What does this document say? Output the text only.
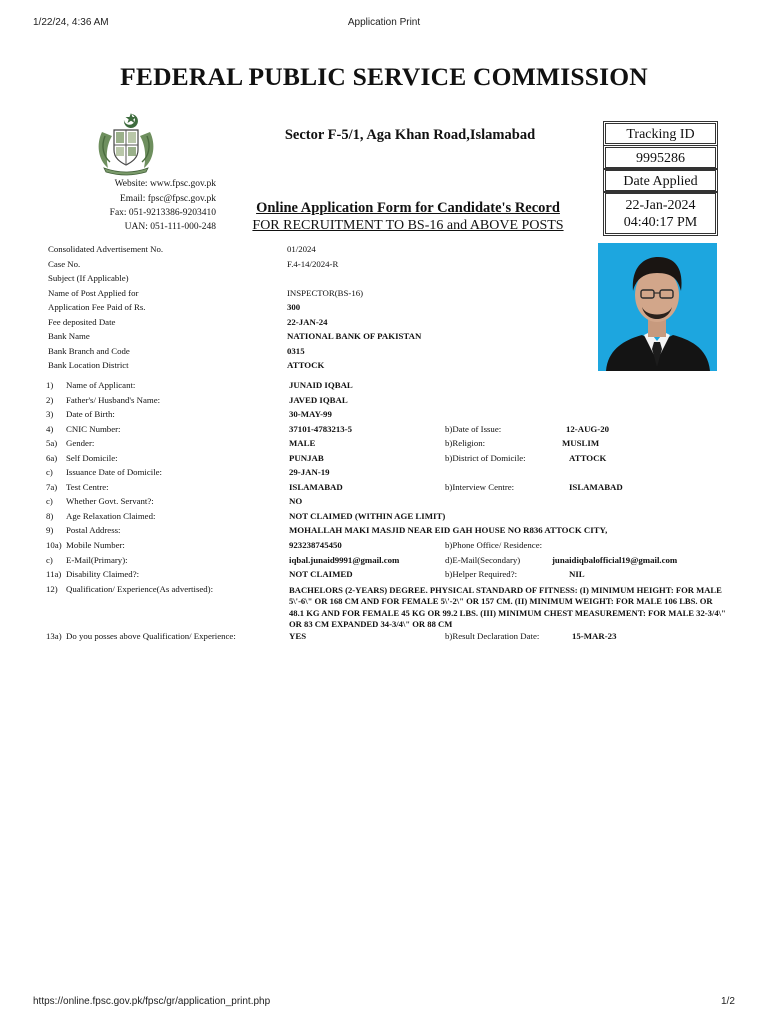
1/22/24, 4:36 AM	Application Print
FEDERAL PUBLIC SERVICE COMMISSION
Sector F-5/1, Aga Khan Road,Islamabad
Website: www.fpsc.gov.pk
Email: fpsc@fpsc.gov.pk
Fax: 051-9213386-9203410
UAN: 051-111-000-248
Online Application Form for Candidate's Record
FOR RECRUITMENT TO BS-16 and ABOVE POSTS
Tracking ID
9995286
Date Applied
22-Jan-2024
04:40:17 PM
Consolidated Advertisement No.	01/2024
Case No.	F.4-14/2024-R
Subject (If Applicable)
Name of Post Applied for	INSPECTOR(BS-16)
Application Fee Paid of Rs.	300
Fee deposited Date	22-JAN-24
Bank Name	NATIONAL BANK OF PAKISTAN
Bank Branch and Code	0315
Bank Location District	ATTOCK
1) Name of Applicant:	JUNAID IQBAL
2) Father's/ Husband's Name:	JAVED IQBAL
3) Date of Birth:	30-MAY-99
4) CNIC Number:	37101-4783213-5	b)Date of Issue:	12-AUG-20
5a) Gender:	MALE	b)Religion:	MUSLIM
6a) Self Domicile:	PUNJAB	b)District of Domicile:	ATTOCK
c) Issuance Date of Domicile:	29-JAN-19
7a) Test Centre:	ISLAMABAD	b)Interview Centre:	ISLAMABAD
c) Whether Govt. Servant?:	NO
8) Age Relaxation Claimed:	NOT CLAIMED (WITHIN AGE LIMIT)
9) Postal Address:	MOHALLAH MAKI MASJID NEAR EID GAH HOUSE NO R836 ATTOCK CITY,
10a) Mobile Number:	923238745450	b)Phone Office/ Residence:
c) E-Mail(Primary):	iqbal.junaid9991@gmail.com	d)E-Mail(Secondary)	junaidiqbalofficial19@gmail.com
11a) Disability Claimed?:	NOT CLAIMED	b)Helper Required?:	NIL
12) Qualification/ Experience(As advertised):	BACHELORS (2-YEARS) DEGREE. PHYSICAL STANDARD OF FITNESS: (I) MINIMUM HEIGHT: FOR MALE 5\'-6\" OR 168 CM AND FOR FEMALE 5\'-2\" OR 157 CM. (II) MINIMUM WEIGHT: FOR MALE 106 LBS. OR 48.1 KG AND FOR FEMALE 45 KG OR 99.2 LBS. (III) MINIMUM CHEST MEASUREMENT: FOR MALE 32-3/4\" OR 83 CM EXPANDED 34-3/4\" OR 88 CM
13a) Do you posses above Qualification/ Experience:	YES	b)Result Declaration Date:	15-MAR-23
https://online.fpsc.gov.pk/fpsc/gr/application_print.php	1/2
